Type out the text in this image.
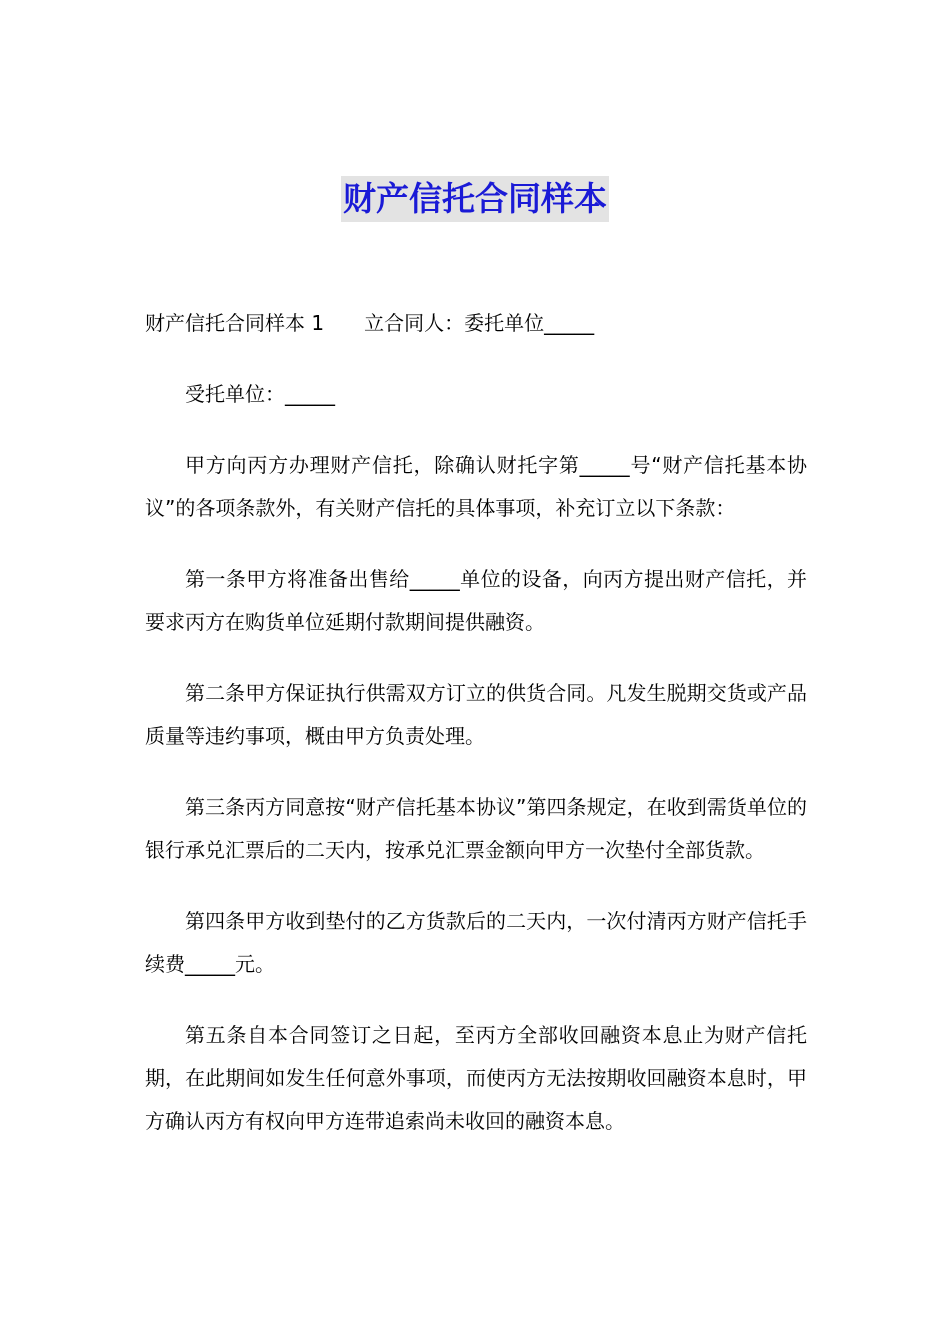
财产信托合同样本

财产信托合同样本 1 立合同人：委托单位_____

受托单位：_____

甲方向丙方办理财产信托，除确认财托字第_____号“财产信托基本协议”的各项条款外，有关财产信托的具体事项，补充订立以下条款：

第一条甲方将准备出售给_____单位的设备，向丙方提出财产信托，并要求丙方在购货单位延期付款期间提供融资。

第二条甲方保证执行供需双方订立的供货合同。凡发生脱期交货或产品质量等违约事项，概由甲方负责处理。

第三条丙方同意按“财产信托基本协议”第四条规定，在收到需货单位的银行承兑汇票后的二天内，按承兑汇票金额向甲方一次垫付全部货款。

第四条甲方收到垫付的乙方货款后的二天内，一次付清丙方财产信托手续费_____元。

第五条自本合同签订之日起，至丙方全部收回融资本息止为财产信托期，在此期间如发生任何意外事项，而使丙方无法按期收回融资本息时，甲方确认丙方有权向甲方连带追索尚未收回的融资本息。
